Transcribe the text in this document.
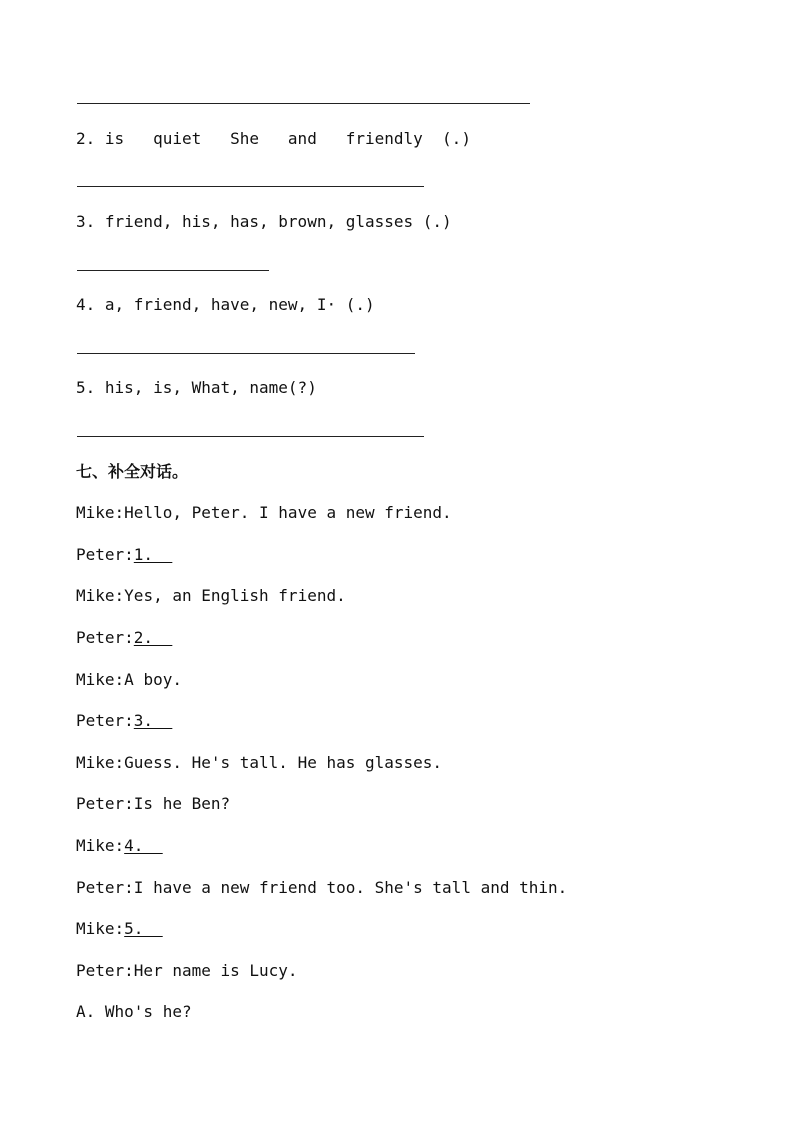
2. is   quiet   She   and   friendly  (.)

3. friend, his, has, brown, glasses (.)

4. a, friend, have, new, I· (.)

5. his, is, What, name(?)

七、补全对话。

Mike:Hello, Peter. I have a new friend.

Peter:1.

Mike:Yes, an English friend.

Peter:2.

Mike:A boy.

Peter:3.

Mike:Guess. He's tall. He has glasses.

Peter:Is he Ben?

Mike:4.

Peter:I have a new friend too. She's tall and thin.

Mike:5.

Peter:Her name is Lucy.

A. Who's he?
